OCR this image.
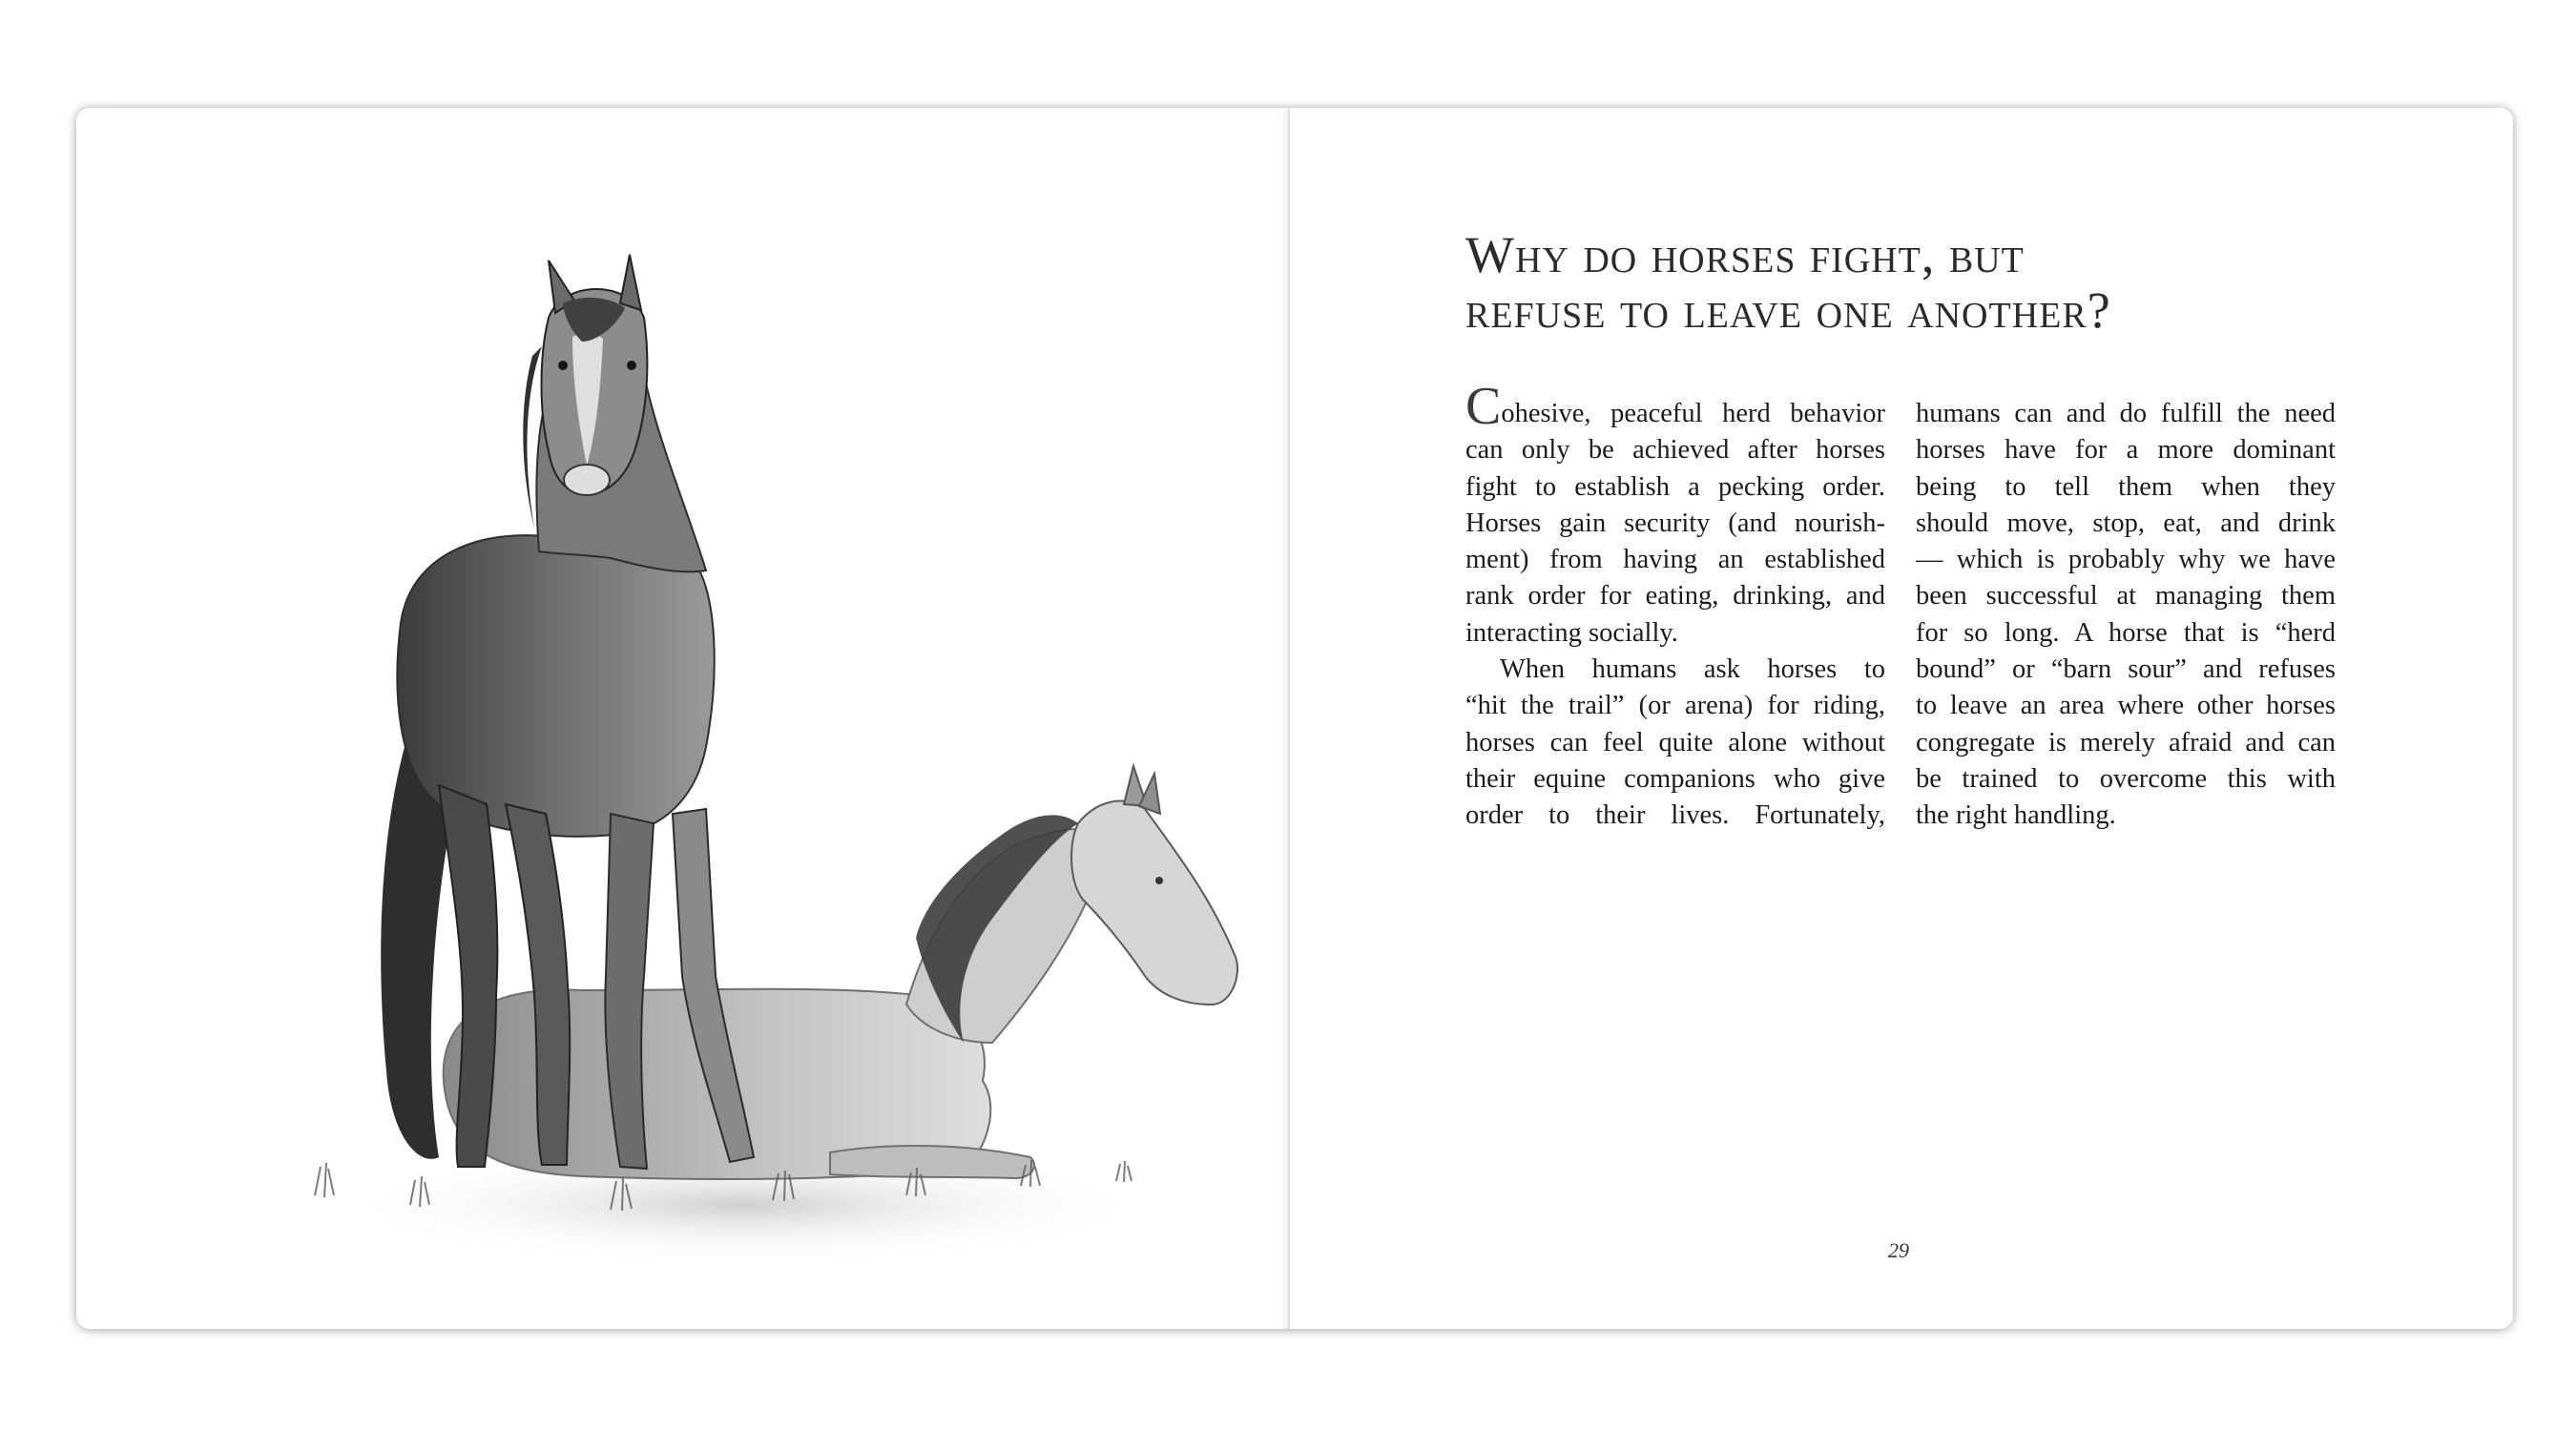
Why do horses fight, but
refuse to leave one another?
Cohesive, peaceful herd behavior
can only be achieved after horses
fight to establish a pecking order.
Horses gain security (and nourish-
ment) from having an established
rank order for eating, drinking, and
interacting socially.
When humans ask horses to
“hit the trail” (or arena) for riding,
horses can feel quite alone without
their equine companions who give
order to their lives. Fortunately,
humans can and do fulfill the need
horses have for a more dominant
being to tell them when they
should move, stop, eat, and drink
— which is probably why we have
been successful at managing them
for so long. A horse that is “herd
bound” or “barn sour” and refuses
to leave an area where other horses
congregate is merely afraid and can
be trained to overcome this with
the right handling.
29
